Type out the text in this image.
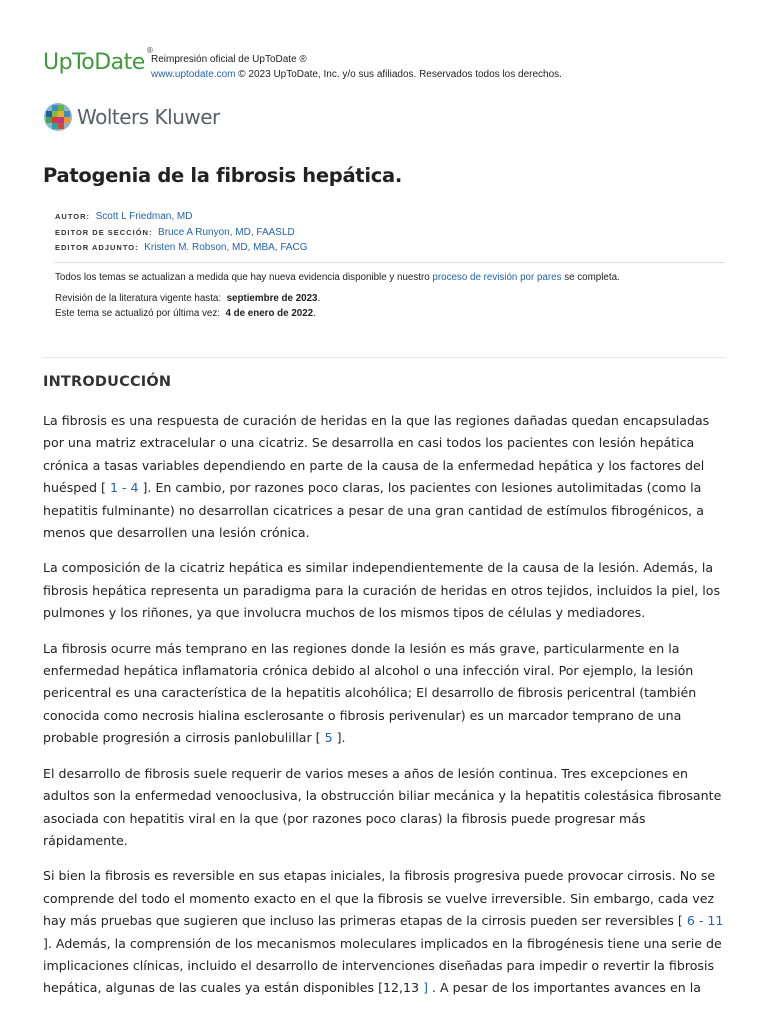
UpToDate®
Reimpresión oficial de UpToDate ®
www.uptodate.com © 2023 UpToDate, Inc. y/o sus afiliados. Reservados todos los derechos.
Wolters Kluwer
Patogenia de la fibrosis hepática.
AUTOR: Scott L Friedman, MD
EDITOR DE SECCIÓN: Bruce A Runyon, MD, FAASLD
EDITOR ADJUNTO: Kristen M. Robson, MD, MBA, FACG
Todos los temas se actualizan a medida que hay nueva evidencia disponible y nuestro proceso de revisión por pares se completa.
Revisión de la literatura vigente hasta:  septiembre de 2023.
Este tema se actualizó por última vez:  4 de enero de 2022.
INTRODUCCIÓN

La fibrosis es una respuesta de curación de heridas en la que las regiones dañadas quedan encapsuladas por una matriz extracelular o una cicatriz. Se desarrolla en casi todos los pacientes con lesión hepática crónica a tasas variables dependiendo en parte de la causa de la enfermedad hepática y los factores del huésped [ 1 - 4 ]. En cambio, por razones poco claras, los pacientes con lesiones autolimitadas (como la hepatitis fulminante) no desarrollan cicatrices a pesar de una gran cantidad de estímulos fibrogénicos, a menos que desarrollen una lesión crónica.

La composición de la cicatriz hepática es similar independientemente de la causa de la lesión. Además, la fibrosis hepática representa un paradigma para la curación de heridas en otros tejidos, incluidos la piel, los pulmones y los riñones, ya que involucra muchos de los mismos tipos de células y mediadores.

La fibrosis ocurre más temprano en las regiones donde la lesión es más grave, particularmente en la enfermedad hepática inflamatoria crónica debido al alcohol o una infección viral. Por ejemplo, la lesión pericentral es una característica de la hepatitis alcohólica; El desarrollo de fibrosis pericentral (también conocida como necrosis hialina esclerosante o fibrosis perivenular) es un marcador temprano de una probable progresión a cirrosis panlobulillar [ 5 ].

El desarrollo de fibrosis suele requerir de varios meses a años de lesión continua. Tres excepciones en adultos son la enfermedad venooclusiva, la obstrucción biliar mecánica y la hepatitis colestásica fibrosante asociada con hepatitis viral en la que (por razones poco claras) la fibrosis puede progresar más rápidamente.

Si bien la fibrosis es reversible en sus etapas iniciales, la fibrosis progresiva puede provocar cirrosis. No se comprende del todo el momento exacto en el que la fibrosis se vuelve irreversible. Sin embargo, cada vez hay más pruebas que sugieren que incluso las primeras etapas de la cirrosis pueden ser reversibles [ 6 - 11 ]. Además, la comprensión de los mecanismos moleculares implicados en la fibrogénesis tiene una serie de implicaciones clínicas, incluido el desarrollo de intervenciones diseñadas para impedir o revertir la fibrosis hepática, algunas de las cuales ya están disponibles [12,13 ] . A pesar de los importantes avances en la
